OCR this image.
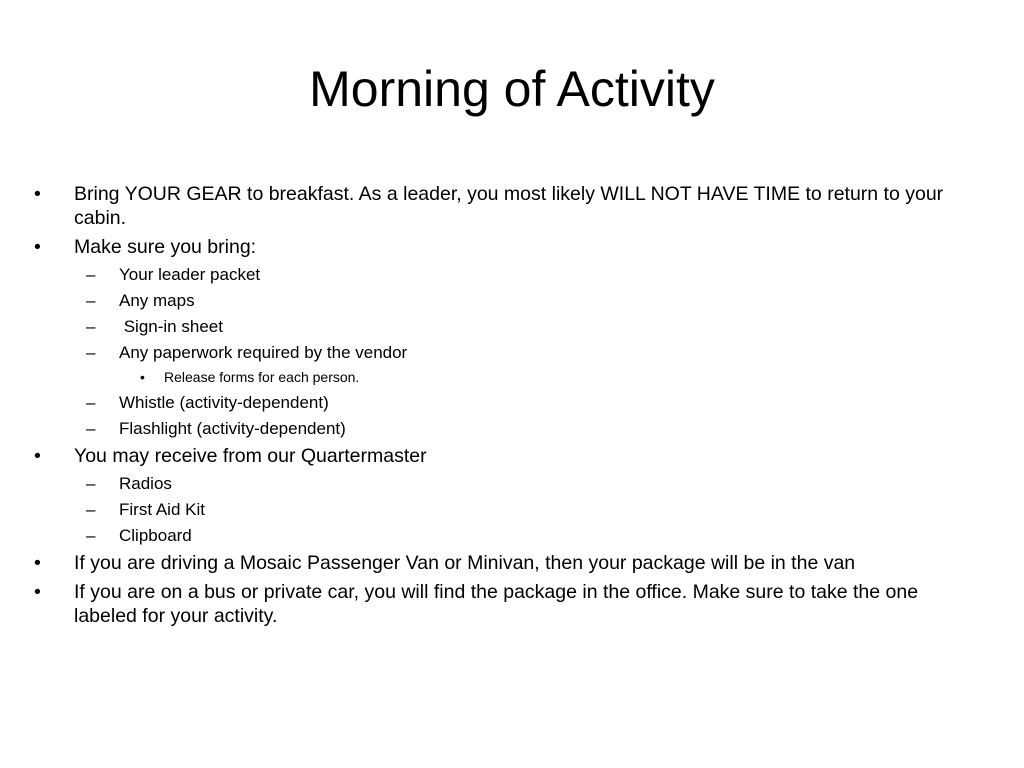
Morning of Activity
•	Bring YOUR GEAR to breakfast. As a leader, you most likely WILL NOT HAVE TIME to return to your cabin.
•	Make sure you bring:
– Your leader packet
– Any maps
– Sign-in sheet
– Any paperwork required by the vendor
• Release forms for each person.
– Whistle (activity-dependent)
– Flashlight (activity-dependent)
•	You may receive from our Quartermaster
– Radios
– First Aid Kit
– Clipboard
•	If you are driving a Mosaic Passenger Van or Minivan, then your package will be in the van
•	If you are on a bus or private car, you will find the package in the office. Make sure to take the one labeled for your activity.
